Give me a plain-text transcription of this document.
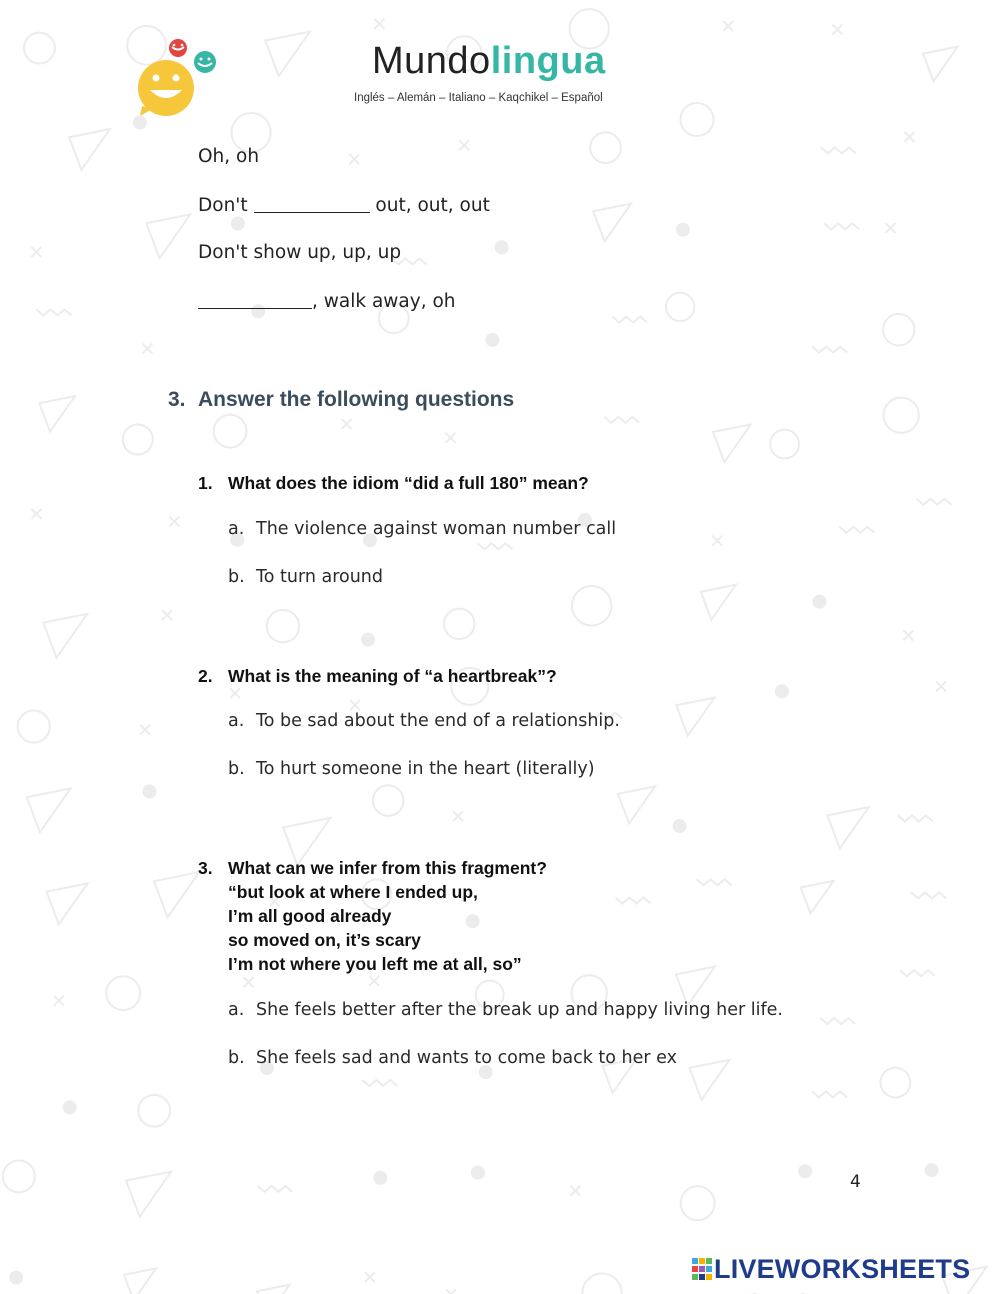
Mundolingua
Inglés – Alemán – Italiano – Kaqchikel – Español
Oh, oh
Don't	out, out, out
Don't show up, up, up
, walk away, oh
3. Answer the following questions
1. What does the idiom “did a full 180” mean?
a. The violence against woman number call
b. To turn around
2. What is the meaning of “a heartbreak”?
a. To be sad about the end of a relationship.
b. To hurt someone in the heart (literally)
3. What can we infer from this fragment?
“but look at where I ended up,
I’m all good already
so moved on, it’s scary
I’m not where you left me at all, so”
a. She feels better after the break up and happy living her life.
b. She feels sad and wants to come back to her ex
4
LIVEWORKSHEETS
